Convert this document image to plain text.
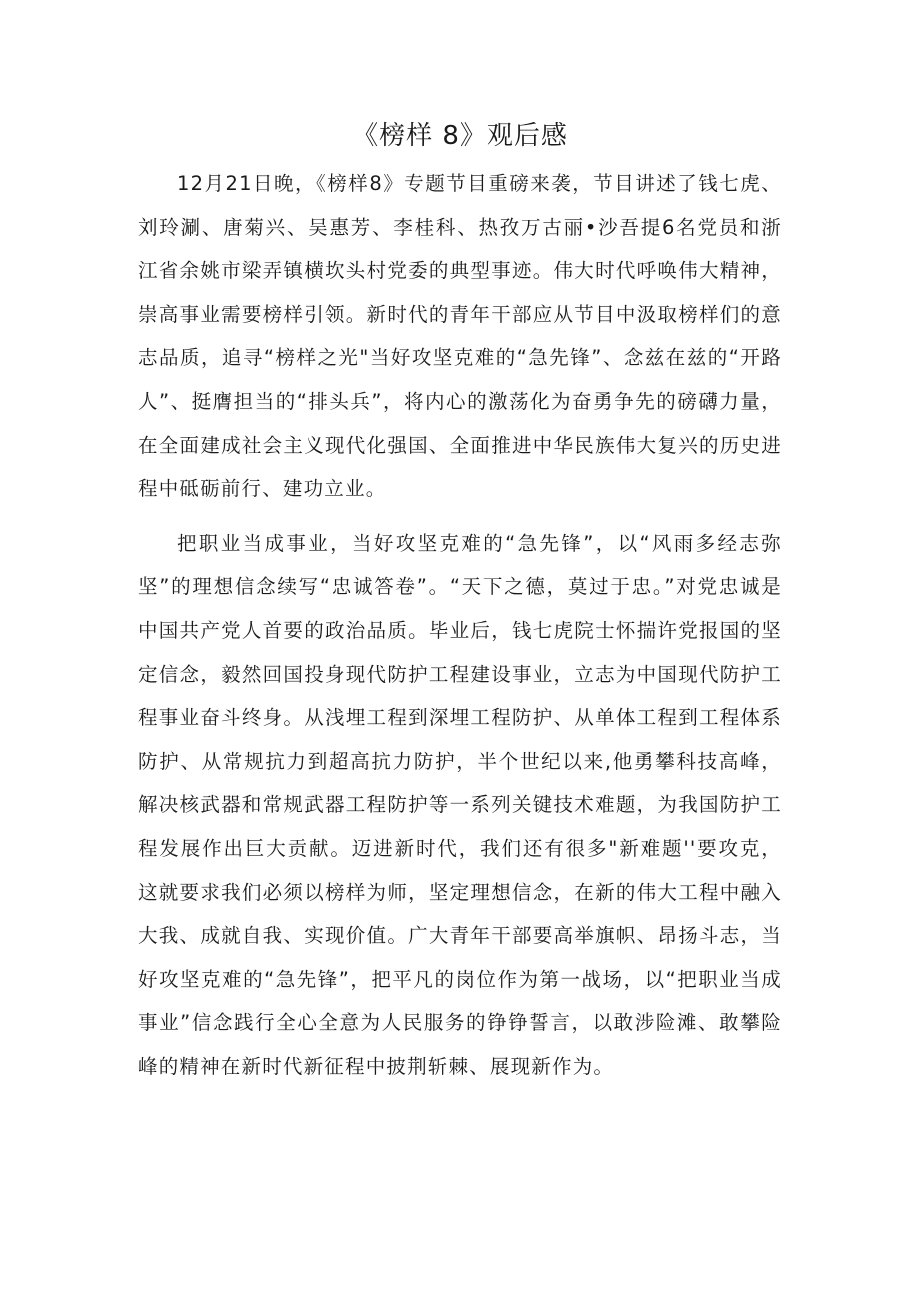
《榜样 8》观后感

12月21日晚，《榜样8》专题节目重磅来袭，节目讲述了钱七虎、刘玲涮、唐菊兴、吴惠芳、李桂科、热孜万古丽•沙吾提6名党员和浙江省余姚市梁弄镇横坎头村党委的典型事迹。伟大时代呼唤伟大精神，崇高事业需要榜样引领。新时代的青年干部应从节目中汲取榜样们的意志品质，追寻“榜样之光"当好攻坚克难的“急先锋”、念兹在兹的“开路人”、挺膺担当的“排头兵”，将内心的激荡化为奋勇争先的磅礴力量，在全面建成社会主义现代化强国、全面推进中华民族伟大复兴的历史进程中砥砺前行、建功立业。

把职业当成事业，当好攻坚克难的“急先锋”，以“风雨多经志弥坚”的理想信念续写“忠诚答卷”。“天下之德，莫过于忠。”对党忠诚是中国共产党人首要的政治品质。毕业后，钱七虎院士怀揣许党报国的坚定信念，毅然回国投身现代防护工程建设事业，立志为中国现代防护工程事业奋斗终身。从浅埋工程到深埋工程防护、从单体工程到工程体系防护、从常规抗力到超高抗力防护，半个世纪以来,他勇攀科技高峰，解决核武器和常规武器工程防护等一系列关键技术难题，为我国防护工程发展作出巨大贡献。迈进新时代，我们还有很多"新难题''要攻克，这就要求我们必须以榜样为师，坚定理想信念，在新的伟大工程中融入大我、成就自我、实现价值。广大青年干部要高举旗帜、昂扬斗志，当好攻坚克难的“急先锋”，把平凡的岗位作为第一战场，以“把职业当成事业”信念践行全心全意为人民服务的铮铮誓言，以敢涉险滩、敢攀险峰的精神在新时代新征程中披荆斩棘、展现新作为。
